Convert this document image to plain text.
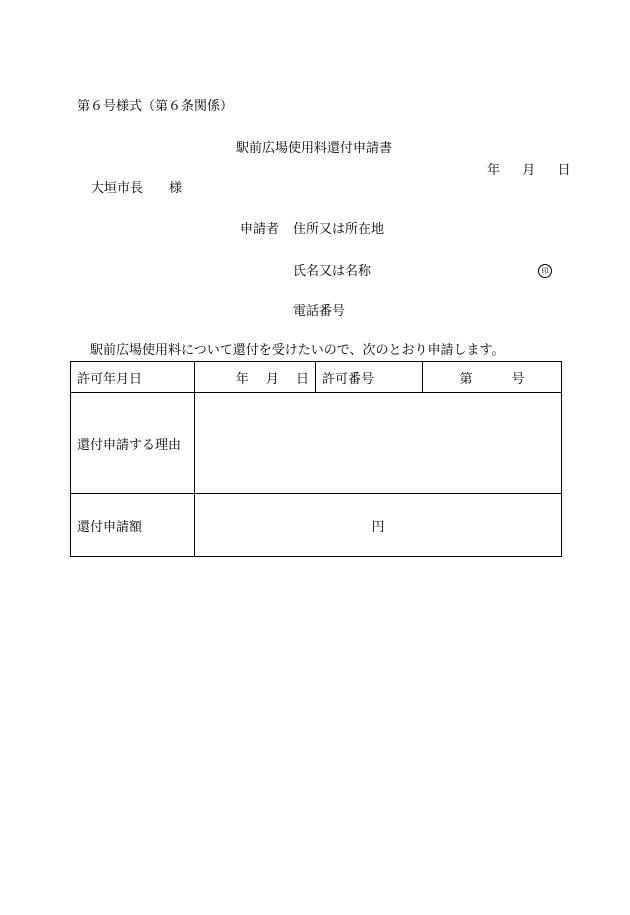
第６号様式（第６条関係）
駅前広場使用料還付申請書
年 月 日
大垣市長　　様
申請者 住所又は所在地
氏名又は名称	印
電話番号
駅前広場使用料について還付を受けたいので、次のとおり申請します。
許可年月日	年　 月　 日	許可番号	第　　　号
還付申請する理由			
還付申請額	円		
